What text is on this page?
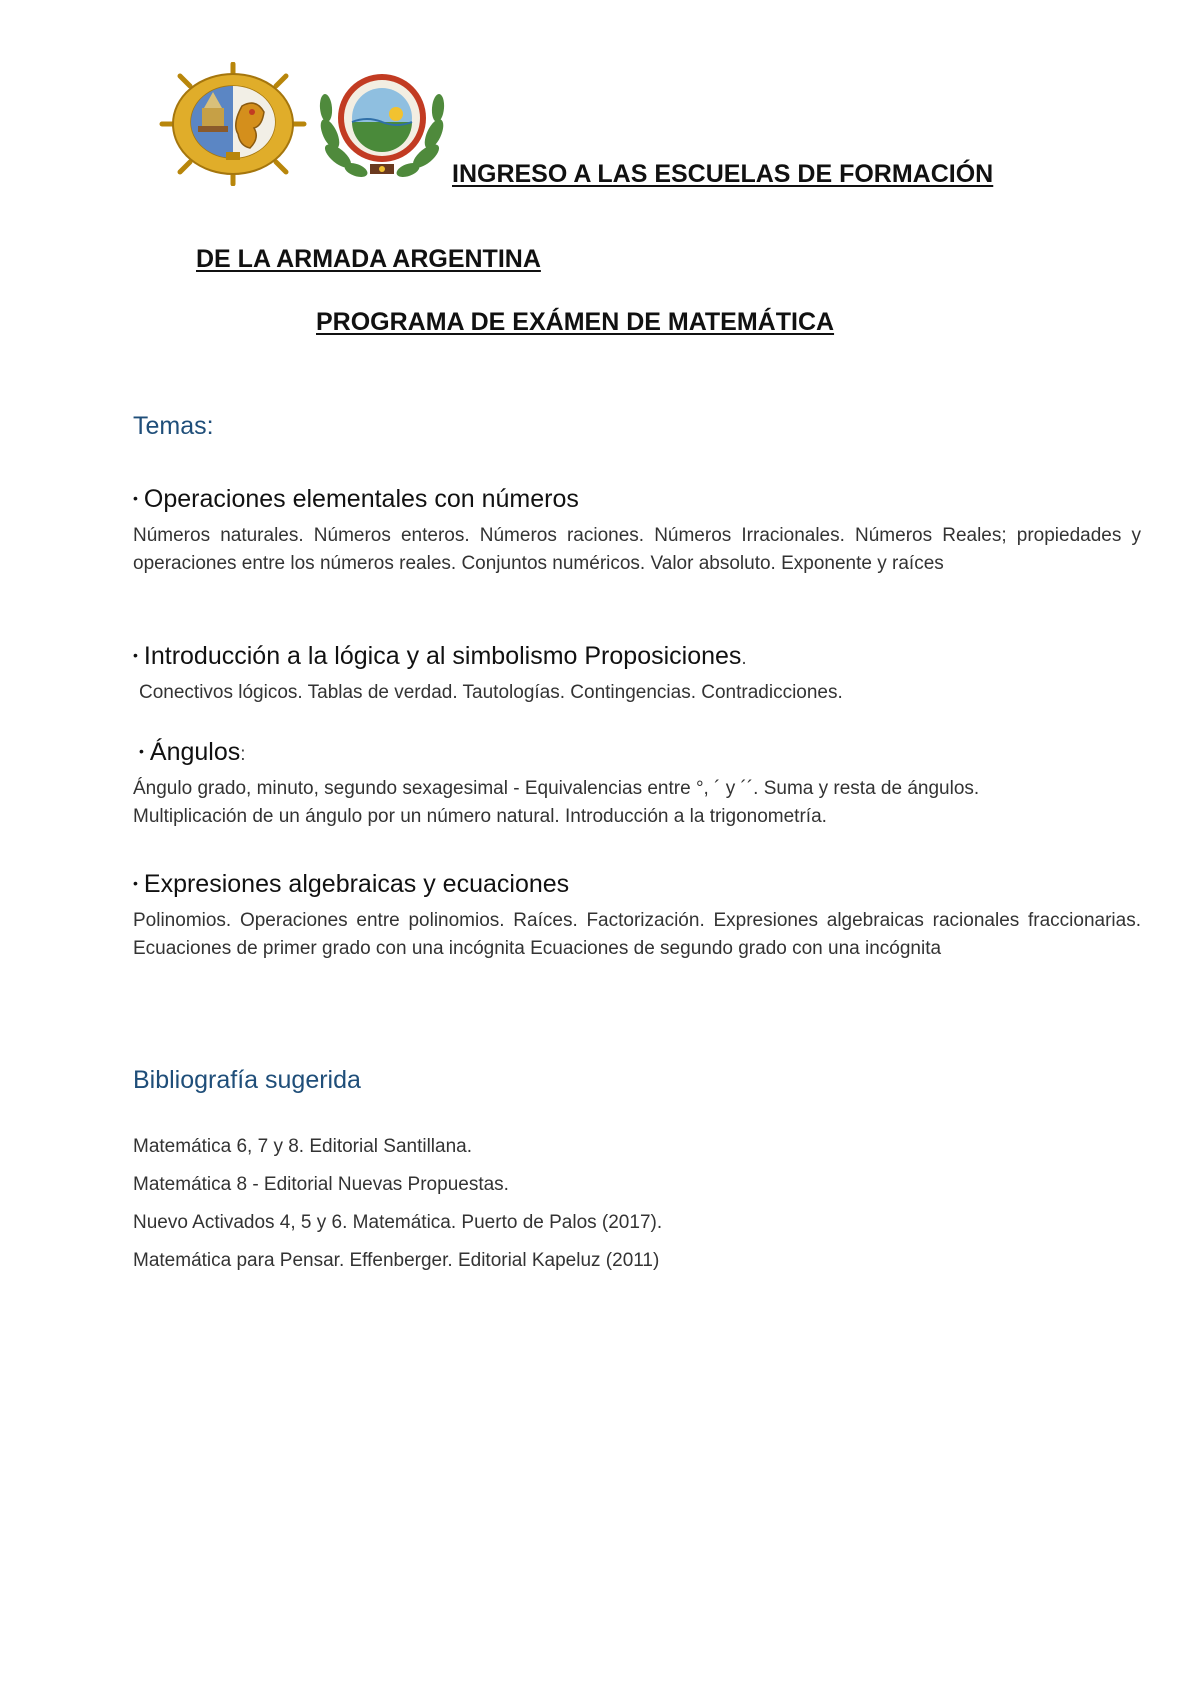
INGRESO A LAS ESCUELAS DE FORMACIÓN
DE LA ARMADA ARGENTINA
PROGRAMA DE EXÁMEN DE MATEMÁTICA
Temas:
• Operaciones elementales con números
Números naturales. Números enteros. Números raciones. Números Irracionales. Números Reales; propiedades y operaciones entre los números reales. Conjuntos numéricos. Valor absoluto. Exponente y raíces
• Introducción a la lógica y al simbolismo Proposiciones .
Conectivos lógicos. Tablas de verdad. Tautologías. Contingencias. Contradicciones.
• Ángulos :
Ángulo grado, minuto, segundo sexagesimal - Equivalencias entre °, ´ y ´´. Suma y resta de ángulos.
Multiplicación de un ángulo por un número natural. Introducción a la trigonometría.
• Expresiones algebraicas y ecuaciones
Polinomios. Operaciones entre polinomios. Raíces. Factorización. Expresiones algebraicas racionales fraccionarias. Ecuaciones de primer grado con una incógnita Ecuaciones de segundo grado con una incógnita
Bibliografía sugerida
Matemática 6, 7 y 8. Editorial Santillana.
Matemática 8 - Editorial Nuevas Propuestas.
Nuevo Activados 4, 5 y 6. Matemática. Puerto de Palos (2017).
Matemática para Pensar. Effenberger. Editorial Kapeluz (2011)
